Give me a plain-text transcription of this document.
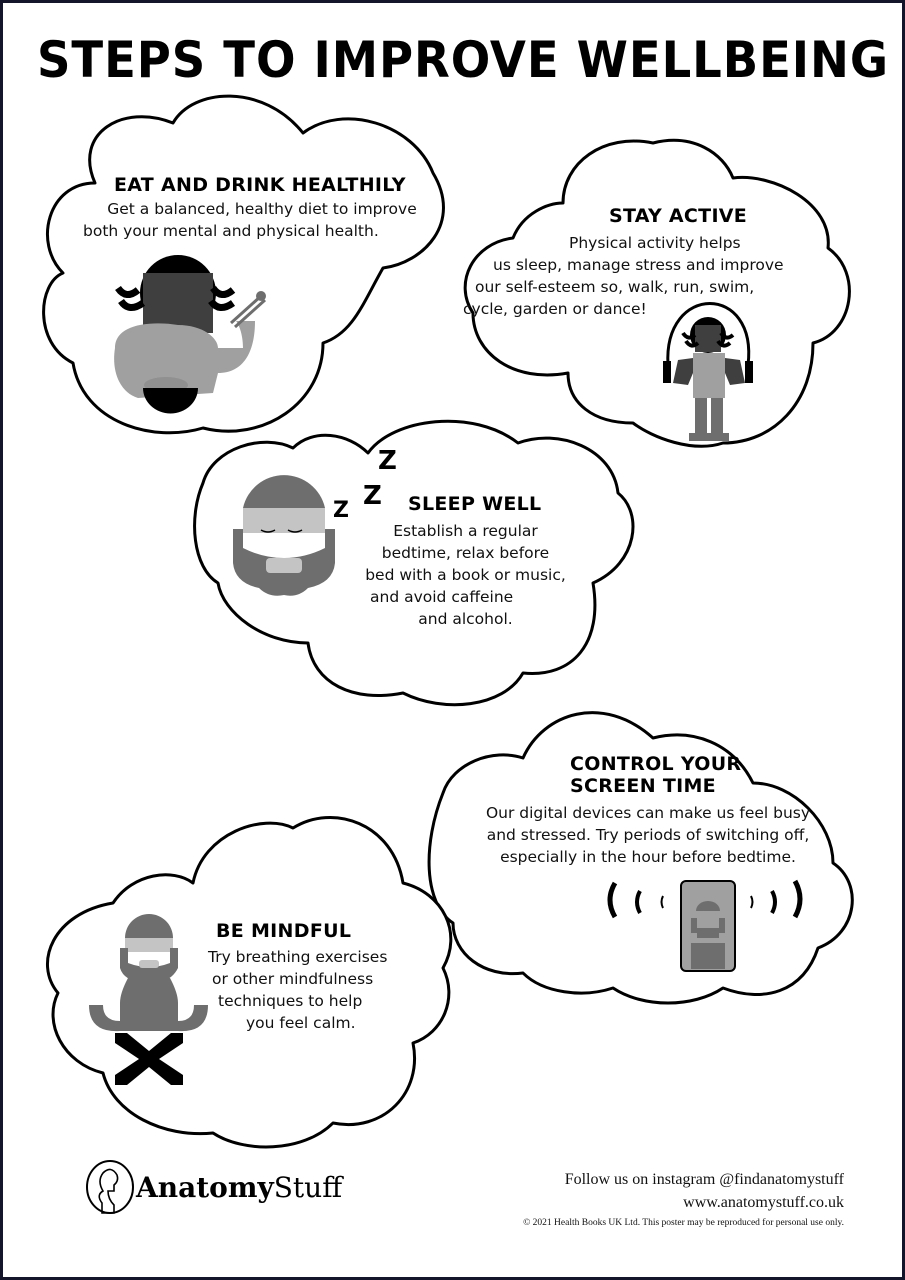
STEPS TO IMPROVE WELLBEING
EAT AND DRINK HEALTHILY
Get a balanced, healthy diet to improve
both your mental and physical health.
STAY ACTIVE
Physical activity helps
us sleep, manage stress and improve
our self-esteem so, walk, run, swim,
cycle, garden or dance!
Z Z
Z
SLEEP WELL
Establish a regular
bedtime, relax before
bed with a book or music,
and avoid caffeine
and alcohol.
CONTROL YOUR
SCREEN TIME
Our digital devices can make us feel busy
and stressed. Try periods of switching off,
especially in the hour before bedtime.
BE MINDFUL
Try breathing exercises
or other mindfulness
techniques to help
you feel calm.
AnatomyStuff	Follow us on instagram @findanatomystuff
www.anatomystuff.co.uk
© 2021 Health Books UK Ltd. This poster may be reproduced for personal use only.
